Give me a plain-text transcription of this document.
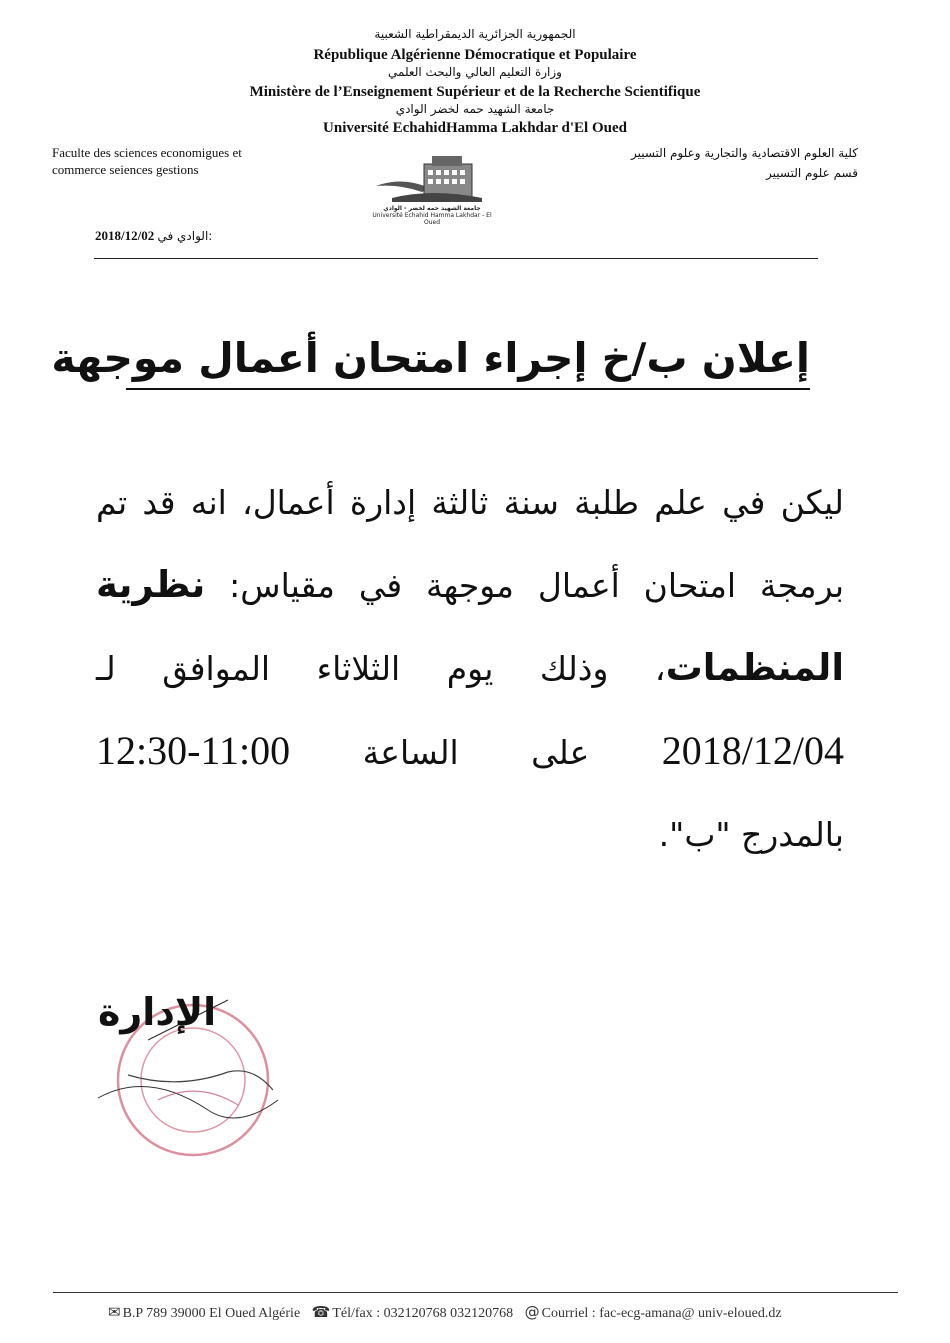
الجمهورية الجزائرية الديمقراطية الشعبية

République Algérienne Démocratique et Populaire

وزارة التعليم العالي والبحث العلمي

Ministère de l’Enseignement Supérieur et de la Recherche Scientifique

جامعة الشهيد حمه لخضر الوادي

Université EchahidHamma Lakhdar d'El Oued

Faculte des sciences economigues et
commerce seiences gestions
كلية العلوم الاقتصادية والتجارية وعلوم التسيير
قسم علوم التسيير
جامعة الشهيد حمه لخضر - الوادي
Université Echahid Hamma Lakhdar - El Oued
2018/12/02 الوادي في:
إعلان ب/خ إجراء امتحان أعمال موجهة
ليكن في علم طلبة سنة ثالثة إدارة أعمال، انه قد تم
برمجة امتحان أعمال موجهة في مقياس: نظرية
المنظمات، وذلك يوم الثلاثاء الموافق لـ
2018/12/04 على الساعة 12:30-11:00
بالمدرج "ب".
الإدارة
✉ B.P 789 39000 El Oued Algérie ☎ Tél/fax : 032120768 032120768 @ Courriel : fac-ecg-amana@ univ-eloued.dz
